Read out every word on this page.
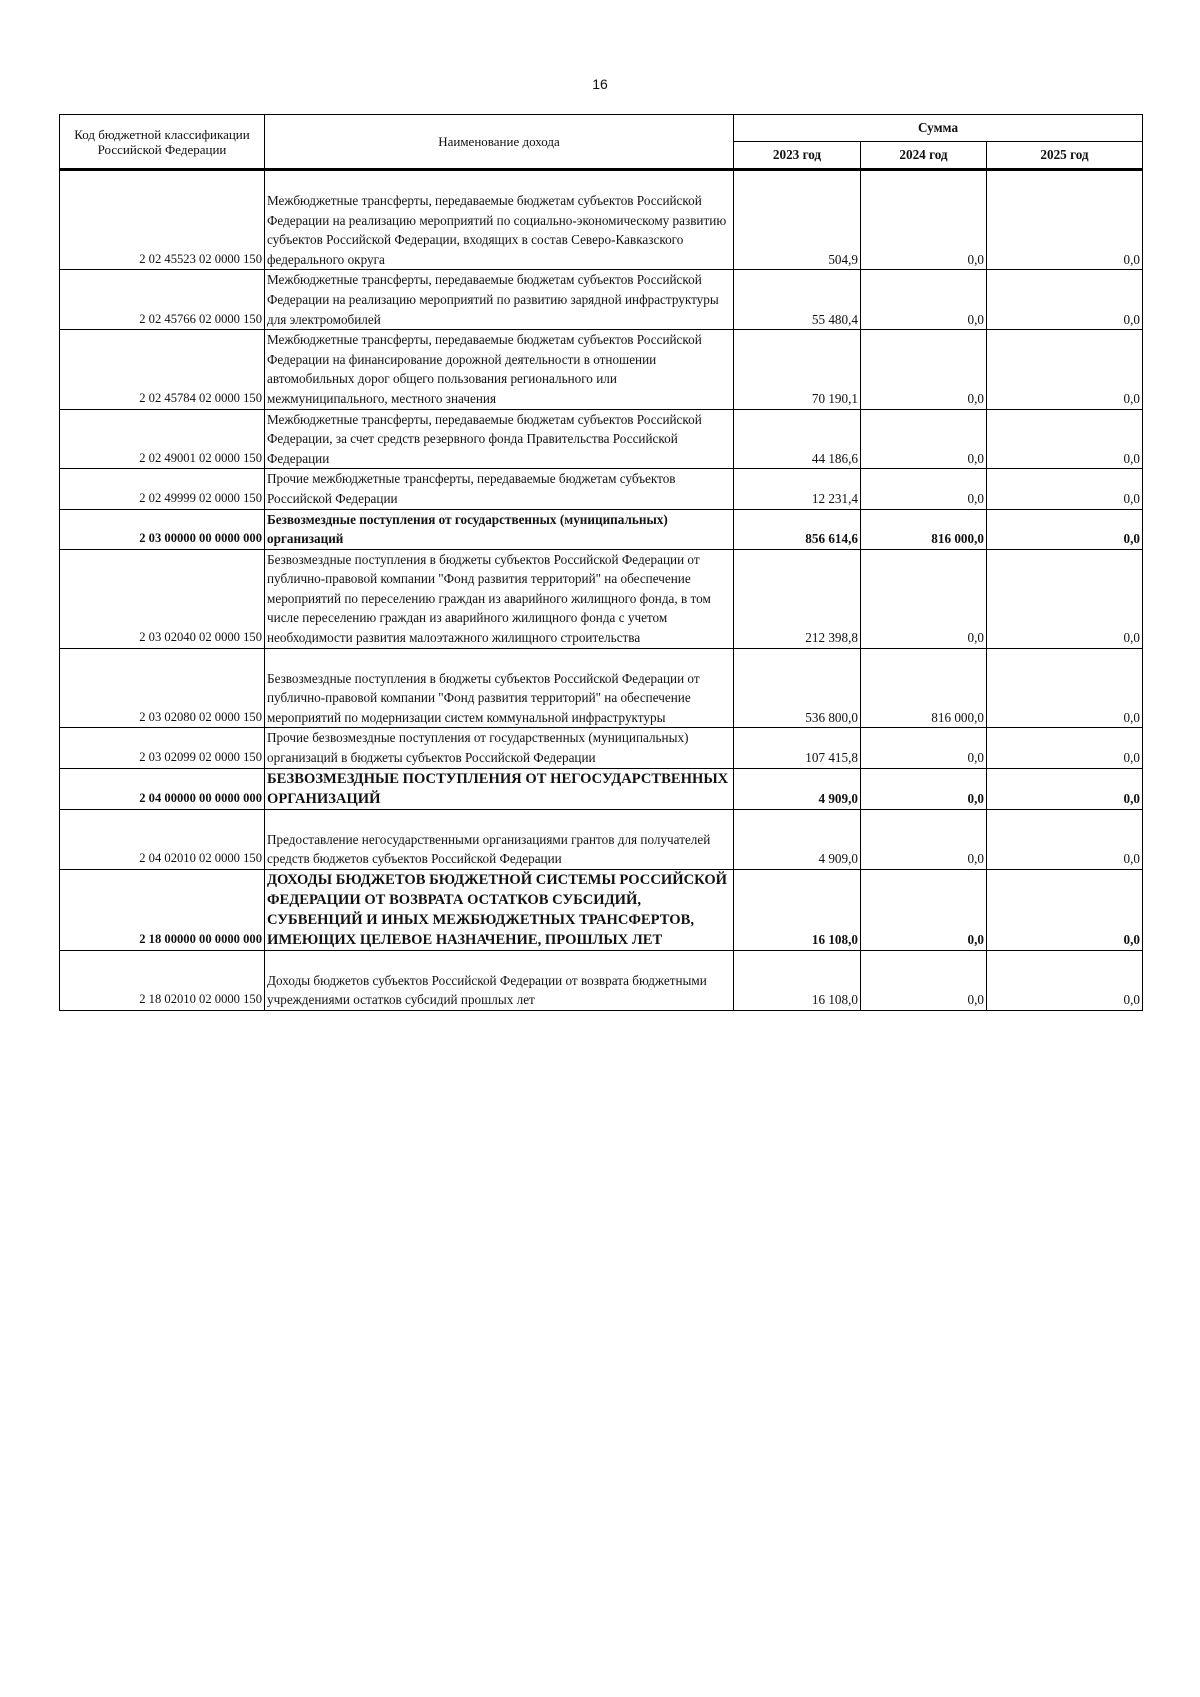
16
Код бюджетной классификации Российской Федерации	Наименование дохода	Сумма		
		2023 год	2024 год	2025 год
2 02 45523 02 0000 150	Межбюджетные трансферты, передаваемые бюджетам субъектов Российской Федерации на реализацию мероприятий по социально-экономическому развитию субъектов Российской Федерации, входящих в состав Северо-Кавказского федерального округа	504,9	0,0	0,0
2 02 45766 02 0000 150	Межбюджетные трансферты, передаваемые бюджетам субъектов Российской Федерации на реализацию мероприятий по развитию зарядной инфраструктуры для электромобилей	55 480,4	0,0	0,0
2 02 45784 02 0000 150	Межбюджетные трансферты, передаваемые бюджетам субъектов Российской Федерации на финансирование дорожной деятельности в отношении автомобильных дорог общего пользования регионального или межмуниципального, местного значения	70 190,1	0,0	0,0
2 02 49001 02 0000 150	Межбюджетные трансферты, передаваемые бюджетам субъектов Российской Федерации, за счет средств резервного фонда Правительства Российской Федерации	44 186,6	0,0	0,0
2 02 49999 02 0000 150	Прочие межбюджетные трансферты, передаваемые бюджетам субъектов Российской Федерации	12 231,4	0,0	0,0
2 03 00000 00 0000 000	Безвозмездные поступления от государственных (муниципальных) организаций	856 614,6	816 000,0	0,0
2 03 02040 02 0000 150	Безвозмездные поступления в бюджеты субъектов Российской Федерации от публично-правовой компании "Фонд развития территорий" на обеспечение мероприятий по переселению граждан из аварийного жилищного фонда, в том числе переселению граждан из аварийного жилищного фонда с учетом необходимости развития малоэтажного жилищного строительства	212 398,8	0,0	0,0
2 03 02080 02 0000 150	Безвозмездные поступления в бюджеты субъектов Российской Федерации от публично-правовой компании "Фонд развития территорий" на обеспечение мероприятий по модернизации систем коммунальной инфраструктуры	536 800,0	816 000,0	0,0
2 03 02099 02 0000 150	Прочие безвозмездные поступления от государственных (муниципальных) организаций в бюджеты субъектов Российской Федерации	107 415,8	0,0	0,0
2 04 00000 00 0000 000	БЕЗВОЗМЕЗДНЫЕ ПОСТУПЛЕНИЯ ОТ НЕГОСУДАРСТВЕННЫХ ОРГАНИЗАЦИЙ	4 909,0	0,0	0,0
2 04 02010 02 0000 150	Предоставление негосударственными организациями грантов для получателей средств бюджетов субъектов Российской Федерации	4 909,0	0,0	0,0
2 18 00000 00 0000 000	ДОХОДЫ БЮДЖЕТОВ БЮДЖЕТНОЙ СИСТЕМЫ РОССИЙСКОЙ ФЕДЕРАЦИИ ОТ ВОЗВРАТА ОСТАТКОВ СУБСИДИЙ, СУБВЕНЦИЙ И ИНЫХ МЕЖБЮДЖЕТНЫХ ТРАНСФЕРТОВ, ИМЕЮЩИХ ЦЕЛЕВОЕ НАЗНАЧЕНИЕ, ПРОШЛЫХ ЛЕТ	16 108,0	0,0	0,0
2 18 02010 02 0000 150	Доходы бюджетов субъектов Российской Федерации от возврата бюджетными учреждениями остатков субсидий прошлых лет	16 108,0	0,0	0,0
